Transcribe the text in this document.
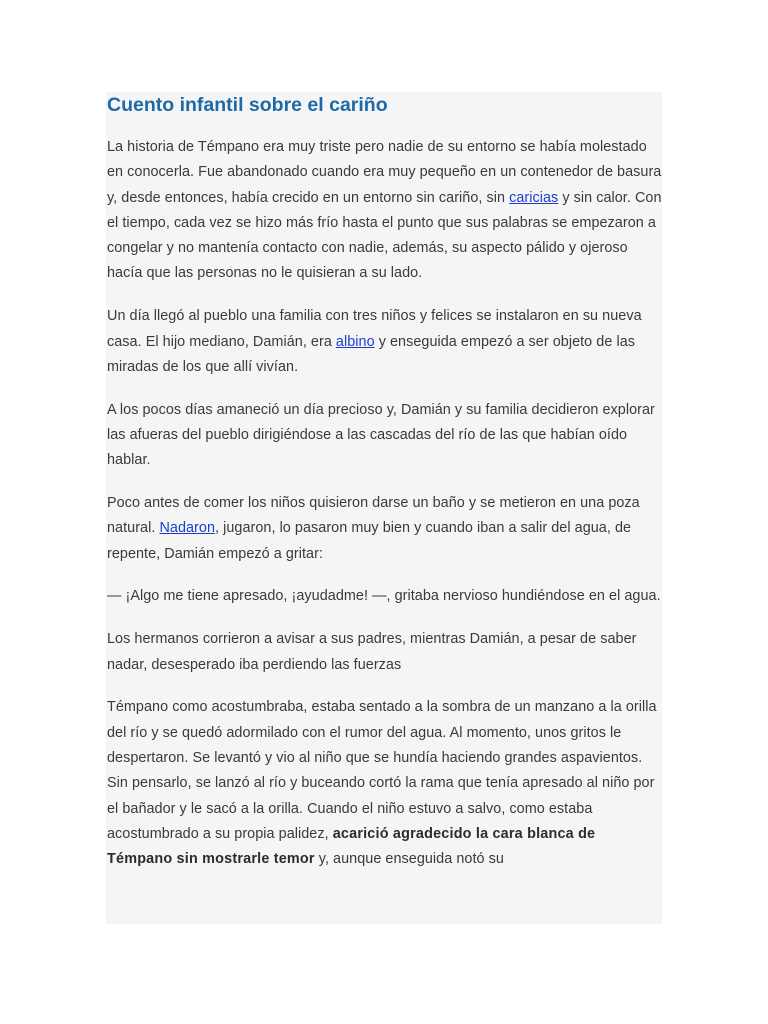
Cuento infantil sobre el cariño

La historia de Témpano era muy triste pero nadie de su entorno se había molestado en conocerla. Fue abandonado cuando era muy pequeño en un contenedor de basura y, desde entonces, había crecido en un entorno sin cariño, sin caricias y sin calor. Con el tiempo, cada vez se hizo más frío hasta el punto que sus palabras se empezaron a congelar y no mantenía contacto con nadie, además, su aspecto pálido y ojeroso hacía que las personas no le quisieran a su lado.

Un día llegó al pueblo una familia con tres niños y felices se instalaron en su nueva casa. El hijo mediano, Damián, era albino y enseguida empezó a ser objeto de las miradas de los que allí vivían.

A los pocos días amaneció un día precioso y, Damián y su familia decidieron explorar las afueras del pueblo dirigiéndose a las cascadas del río de las que habían oído hablar.

Poco antes de comer los niños quisieron darse un baño y se metieron en una poza natural. Nadaron, jugaron, lo pasaron muy bien y cuando iban a salir del agua, de repente, Damián empezó a gritar:

— ¡Algo me tiene apresado, ¡ayudadme! —, gritaba nervioso hundiéndose en el agua.

Los hermanos corrieron a avisar a sus padres, mientras Damián, a pesar de saber nadar, desesperado iba perdiendo las fuerzas

Témpano como acostumbraba, estaba sentado a la sombra de un manzano a la orilla del río y se quedó adormilado con el rumor del agua. Al momento, unos gritos le despertaron. Se levantó y vio al niño que se hundía haciendo grandes aspavientos. Sin pensarlo, se lanzó al río y buceando cortó la rama que tenía apresado al niño por el bañador y le sacó a la orilla. Cuando el niño estuvo a salvo, como estaba acostumbrado a su propia palidez, acarició agradecido la cara blanca de Témpano sin mostrarle temor y, aunque enseguida notó su
